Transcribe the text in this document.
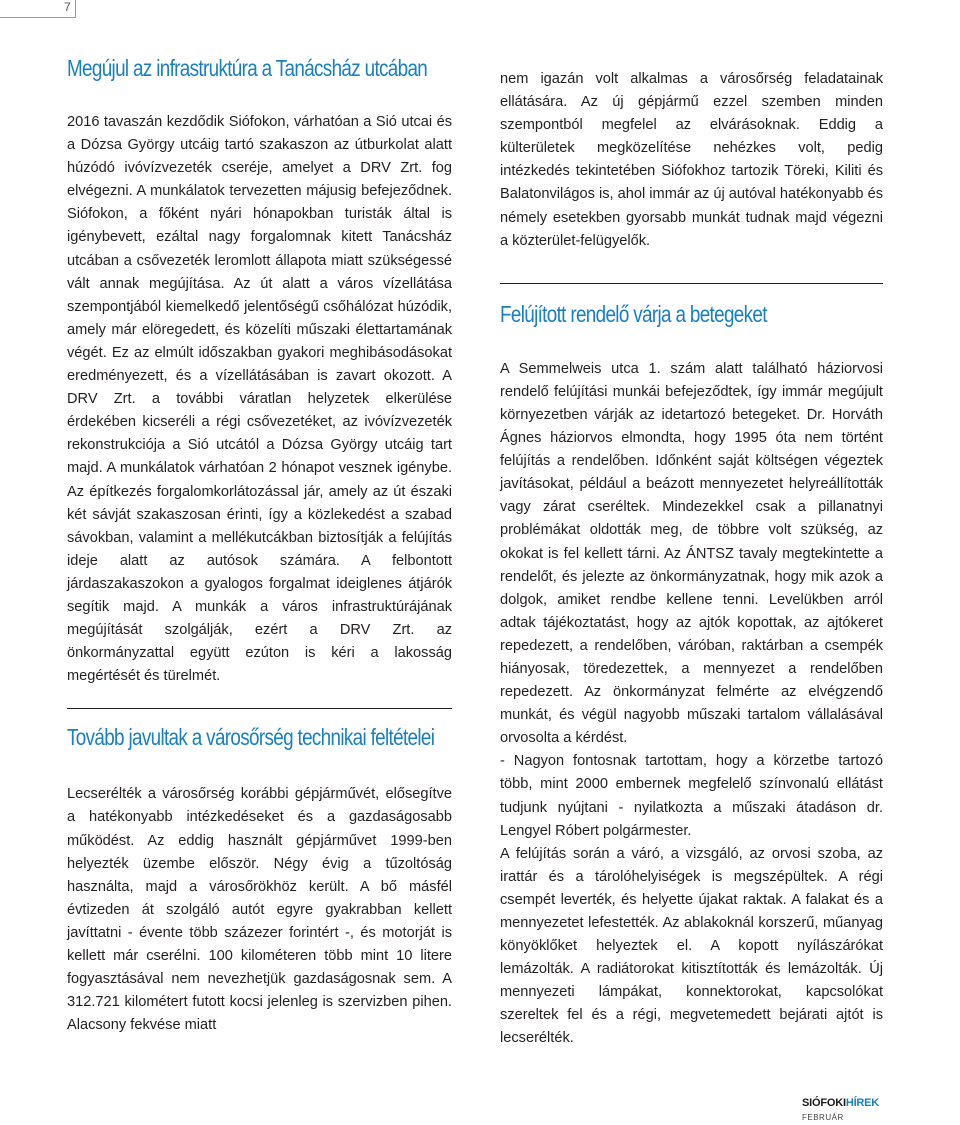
7
Megújul az infrastruktúra a Tanácsház utcában

2016 tavaszán kezdődik Siófokon, várhatóan a Sió utcai és a Dózsa György utcáig tartó szakaszon az útburkolat alatt húzódó ivóvízvezeték cseréje, amelyet a DRV Zrt. fog elvégezni. A munkálatok tervezetten májusig befejeződnek. Siófokon, a főként nyári hónapokban turisták által is igénybevett, ezáltal nagy forgalomnak kitett Tanácsház utcában a csővezeték leromlott állapota miatt szükségessé vált annak megújítása. Az út alatt a város vízellátása szempontjából kiemelkedő jelentőségű csőhálózat húzódik, amely már elöregedett, és közelíti műszaki élettartamának végét. Ez az elmúlt időszakban gyakori meghibásodásokat eredményezett, és a vízellátásában is zavart okozott. A DRV Zrt. a további váratlan helyzetek elkerülése érdekében kicseréli a régi csővezetéket, az ivóvízvezeték rekonstrukciója a Sió utcától a Dózsa György utcáig tart majd. A munkálatok várhatóan 2 hónapot vesznek igénybe. Az építkezés forgalomkorlátozással jár, amely az út északi két sávját szakaszosan érinti, így a közlekedést a szabad sávokban, valamint a mellékutcákban biztosítják a felújítás ideje alatt az autósok számára. A felbontott járdaszakaszokon a gyalogos forgalmat ideiglenes átjárók segítik majd. A munkák a város infrastruktúrájának megújítását szolgálják, ezért a DRV Zrt. az önkormányzattal együtt ezúton is kéri a lakosság megértését és türelmét.

Tovább javultak a városőrség technikai feltételei

Lecserélték a városőrség korábbi gépjárművét, elősegítve a hatékonyabb intézkedéseket és a gazdaságosabb működést. Az eddig használt gépjárművet 1999-ben helyezték üzembe először. Négy évig a tűzoltóság használta, majd a városőrökhöz került. A bő másfél évtizeden át szolgáló autót egyre gyakrabban kellett javíttatni - évente több százezer forintért -, és motorját is kellett már cserélni. 100 kilométeren több mint 10 litere fogyasztásával nem nevezhetjük gazdaságosnak sem. A 312.721 kilométert futott kocsi jelenleg is szervizben pihen. Alacsony fekvése miatt

nem igazán volt alkalmas a városőrség feladatainak ellátására. Az új gépjármű ezzel szemben minden szempontból megfelel az elvárásoknak. Eddig a külterületek megközelítése nehézkes volt, pedig intézkedés tekintetében Siófokhoz tartozik Töreki, Kiliti és Balatonvilágos is, ahol immár az új autóval hatékonyabb és némely esetekben gyorsabb munkát tudnak majd végezni a közterület-felügyelők.

Felújított rendelő várja a betegeket

A Semmelweis utca 1. szám alatt található háziorvosi rendelő felújítási munkái befejeződtek, így immár megújult környezetben várják az idetartozó betegeket. Dr. Horváth Ágnes háziorvos elmondta, hogy 1995 óta nem történt felújítás a rendelőben. Időnként saját költségen végeztek javításokat, például a beázott mennyezetet helyreállították vagy zárat cseréltek. Mindezekkel csak a pillanatnyi problémákat oldották meg, de többre volt szükség, az okokat is fel kellett tárni. Az ÁNTSZ tavaly megtekintette a rendelőt, és jelezte az önkormányzatnak, hogy mik azok a dolgok, amiket rendbe kellene tenni. Levelükben arról adtak tájékoztatást, hogy az ajtók kopottak, az ajtókeret repedezett, a rendelőben, váróban, raktárban a csempék hiányosak, töredezettek, a mennyezet a rendelőben repedezett. Az önkormányzat felmérte az elvégzendő munkát, és végül nagyobb műszaki tartalom vállalásával orvosolta a kérdést.

- Nagyon fontosnak tartottam, hogy a körzetbe tartozó több, mint 2000 embernek megfelelő színvonalú ellátást tudjunk nyújtani - nyilatkozta a műszaki átadáson dr. Lengyel Róbert polgármester.

A felújítás során a váró, a vizsgáló, az orvosi szoba, az irattár és a tárolóhelyiségek is megszépültek. A régi csempét leverték, és helyette újakat raktak. A falakat és a mennyezetet lefestették. Az ablakoknál korszerű, műanyag könyöklőket helyeztek el. A kopott nyílászárókat lemázolták. A radiátorokat kitisztították és lemázolták. Új mennyezeti lámpákat, konnektorokat, kapcsolókat szereltek fel és a régi, megvetemedett bejárati ajtót is lecserélték.

SIÓFOKIHÍREK
FEBRUÁR
